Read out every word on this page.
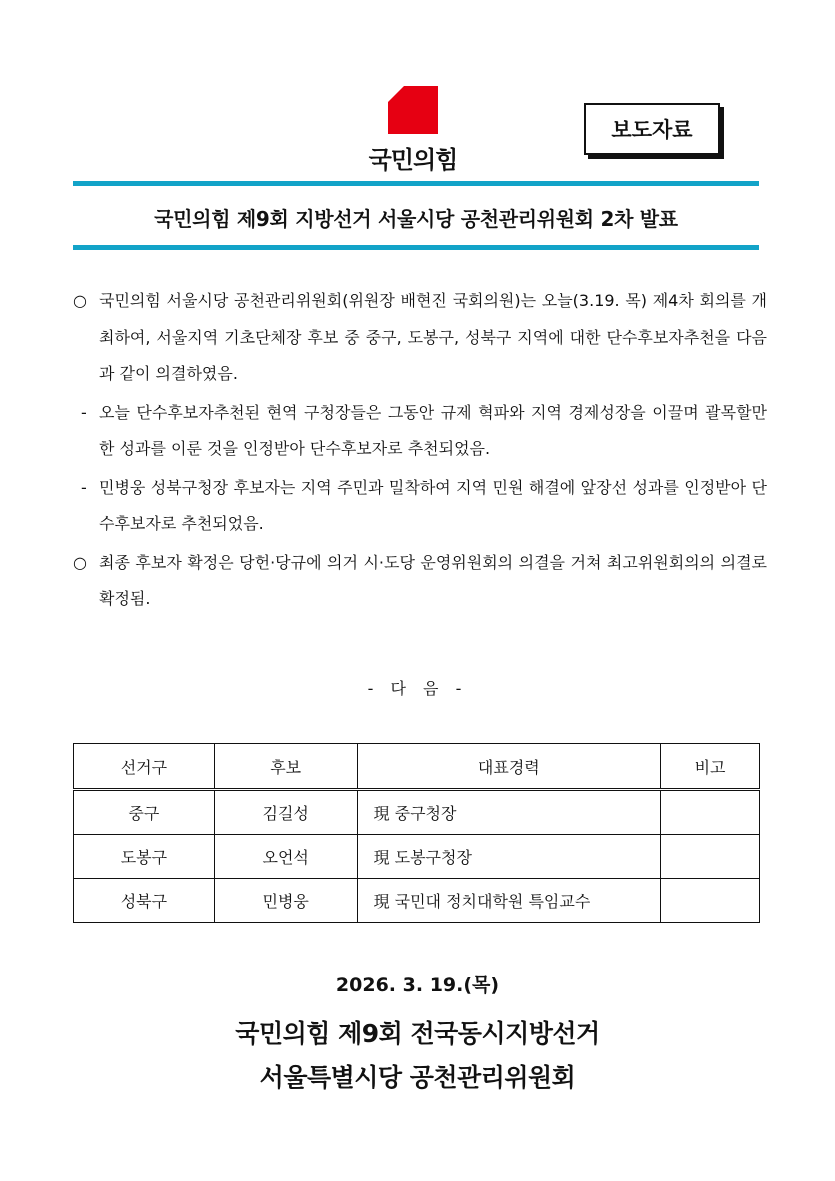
국민의힘
보도자료
국민의힘 제9회 지방선거 서울시당 공천관리위원회 2차 발표
○ 국민의힘 서울시당 공천관리위원회(위원장 배현진 국회의원)는 오늘(3.19. 목) 제4차 회의를 개최하여, 서울지역 기초단체장 후보 중 중구, 도봉구, 성북구 지역에 대한 단수후보자추천을 다음과 같이 의결하였음.
- 오늘 단수후보자추천된 현역 구청장들은 그동안 규제 혁파와 지역 경제성장을 이끌며 괄목할만한 성과를 이룬 것을 인정받아 단수후보자로 추천되었음.
- 민병웅 성북구청장 후보자는 지역 주민과 밀착하여 지역 민원 해결에 앞장선 성과를 인정받아 단수후보자로 추천되었음.
○ 최종 후보자 확정은 당헌·당규에 의거 시·도당 운영위원회의 의결을 거쳐 최고위원회의의 의결로 확정됨.
- 다 음 -
선거구	후보	대표경력	비고
중구	김길성	現 중구청장	
도봉구	오언석	現 도봉구청장	
성북구	민병웅	現 국민대 정치대학원 특임교수	
2026. 3. 19.(목)
국민의힘 제9회 전국동시지방선거
서울특별시당 공천관리위원회
